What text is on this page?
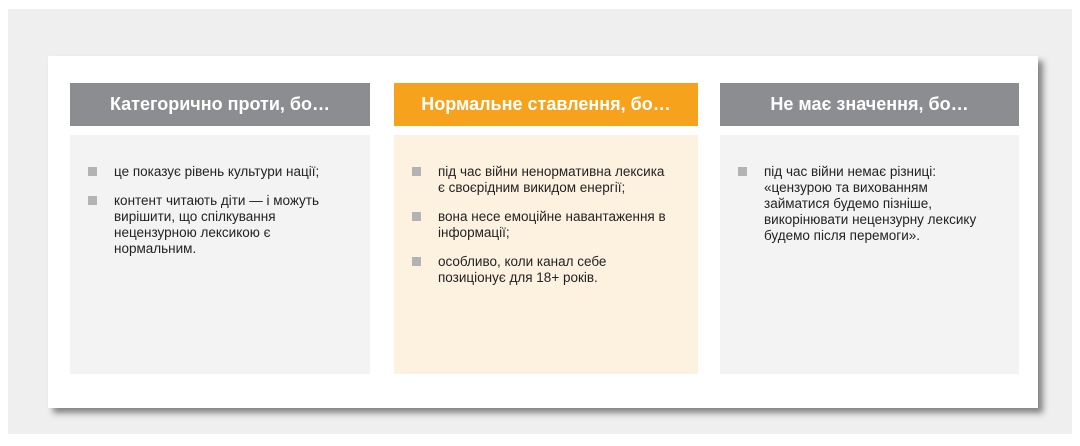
Категорично проти, бо…
це показує рівень культури нації;
контент читають діти — і можуть вирішити, що спілкування нецензурною лексикою є нормальним.
Нормальне ставлення, бо…
під час війни ненормативна лексика є своєрідним викидом енергії;
вона несе емоційне навантаження в інформації;
особливо, коли канал себе позиціонує для 18+ років.
Не має значення, бо…
під час війни немає різниці: «цензурою та вихованням займатися будемо пізніше, викорінювати нецензурну лексику будемо після перемоги».
